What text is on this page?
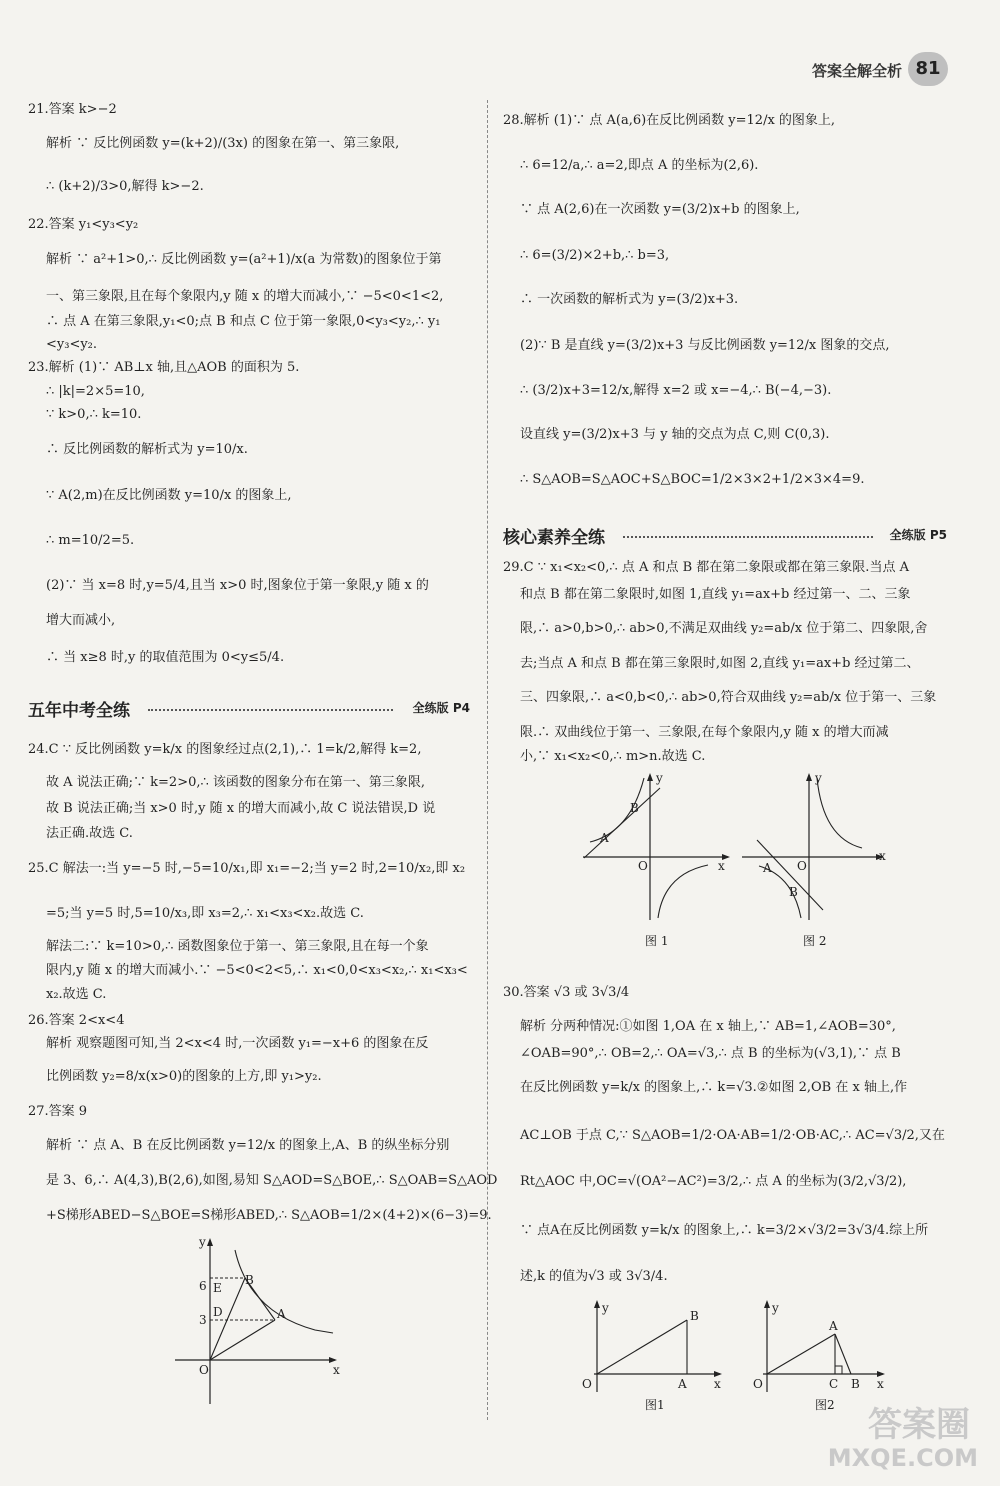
答案全解全析 81
21.答案 k>−2
解析 ∵ 反比例函数 y=(k+2)/(3x) 的图象在第一、第三象限,
∴ (k+2)/3>0,解得 k>−2.
22.答案 y₁<y₃<y₂
解析 ∵ a²+1>0,∴ 反比例函数 y=(a²+1)/x(a 为常数)的图象位于第
一、第三象限,且在每个象限内,y 随 x 的增大而减小,∵ −5<0<1<2,
∴ 点 A 在第三象限,y₁<0;点 B 和点 C 位于第一象限,0<y₃<y₂,∴ y₁
<y₃<y₂.
23.解析 (1)∵ AB⊥x 轴,且△AOB 的面积为 5.
∴ |k|=2×5=10,
∵ k>0,∴ k=10.
∴ 反比例函数的解析式为 y=10/x.
∵ A(2,m)在反比例函数 y=10/x 的图象上,
∴ m=10/2=5.
(2)∵ 当 x=8 时,y=5/4,且当 x>0 时,图象位于第一象限,y 随 x 的
增大而减小,
∴ 当 x≥8 时,y 的取值范围为 0<y≤5/4.
五年中考全练	全练版 P4
24.C ∵ 反比例函数 y=k/x 的图象经过点(2,1),∴ 1=k/2,解得 k=2,
故 A 说法正确;∵ k=2>0,∴ 该函数的图象分布在第一、第三象限,
故 B 说法正确;当 x>0 时,y 随 x 的增大而减小,故 C 说法错误,D 说
法正确.故选 C.
25.C 解法一:当 y=−5 时,−5=10/x₁,即 x₁=−2;当 y=2 时,2=10/x₂,即 x₂
=5;当 y=5 时,5=10/x₃,即 x₃=2,∴ x₁<x₃<x₂.故选 C.
解法二:∵ k=10>0,∴ 函数图象位于第一、第三象限,且在每一个象
限内,y 随 x 的增大而减小.∵ −5<0<2<5,∴ x₁<0,0<x₃<x₂,∴ x₁<x₃<
x₂.故选 C.
26.答案 2<x<4
解析 观察题图可知,当 2<x<4 时,一次函数 y₁=−x+6 的图象在反
比例函数 y₂=8/x(x>0)的图象的上方,即 y₁>y₂.
27.答案 9
解析 ∵ 点 A、B 在反比例函数 y=12/x 的图象上,A、B 的纵坐标分别
是 3、6,∴ A(4,3),B(2,6),如图,易知 S△AOD=S△BOE,∴ S△OAB=S△AOD
+S梯形ABED−S△BOE=S梯形ABED,∴ S△AOB=1/2×(4+2)×(6−3)=9.
y
x
O
E
D
B
A
6
3
28.解析 (1)∵ 点 A(a,6)在反比例函数 y=12/x 的图象上,
∴ 6=12/a,∴ a=2,即点 A 的坐标为(2,6).
∵ 点 A(2,6)在一次函数 y=(3/2)x+b 的图象上,
∴ 6=(3/2)×2+b,∴ b=3,
∴ 一次函数的解析式为 y=(3/2)x+3.
(2)∵ B 是直线 y=(3/2)x+3 与反比例函数 y=12/x 图象的交点,
∴ (3/2)x+3=12/x,解得 x=2 或 x=−4,∴ B(−4,−3).
设直线 y=(3/2)x+3 与 y 轴的交点为点 C,则 C(0,3).
∴ S△AOB=S△AOC+S△BOC=1/2×3×2+1/2×3×4=9.
核心素养全练	全练版 P5
29.C ∵ x₁<x₂<0,∴ 点 A 和点 B 都在第二象限或都在第三象限.当点 A
和点 B 都在第二象限时,如图 1,直线 y₁=ax+b 经过第一、二、三象
限,∴ a>0,b>0,∴ ab>0,不满足双曲线 y₂=ab/x 位于第二、四象限,舍
去;当点 A 和点 B 都在第三象限时,如图 2,直线 y₁=ax+b 经过第二、
三、四象限,∴ a<0,b<0,∴ ab>0,符合双曲线 y₂=ab/x 位于第一、三象
限.∴ 双曲线位于第一、三象限,在每个象限内,y 随 x 的增大而减
小,∵ x₁<x₂<0,∴ m>n.故选 C.
x
y
O
A
B
图 1
x
y
O
A
B
图 2
30.答案 √3 或 3√3/4
解析 分两种情况:①如图 1,OA 在 x 轴上,∵ AB=1,∠AOB=30°,
∠OAB=90°,∴ OB=2,∴ OA=√3,∴ 点 B 的坐标为(√3,1),∵ 点 B
在反比例函数 y=k/x 的图象上,∴ k=√3.②如图 2,OB 在 x 轴上,作
AC⊥OB 于点 C,∵ S△AOB=1/2·OA·AB=1/2·OB·AC,∴ AC=√3/2,又在
Rt△AOC 中,OC=√(OA²−AC²)=3/2,∴ 点 A 的坐标为(3/2,√3/2),
∵ 点A在反比例函数 y=k/x 的图象上,∴ k=3/2×√3/2=3√3/4.综上所
述,k 的值为√3 或 3√3/4.
x
y
O	A
B
图1
x
y
O
A
B
C
图2 答案圈
MXQE.COM
